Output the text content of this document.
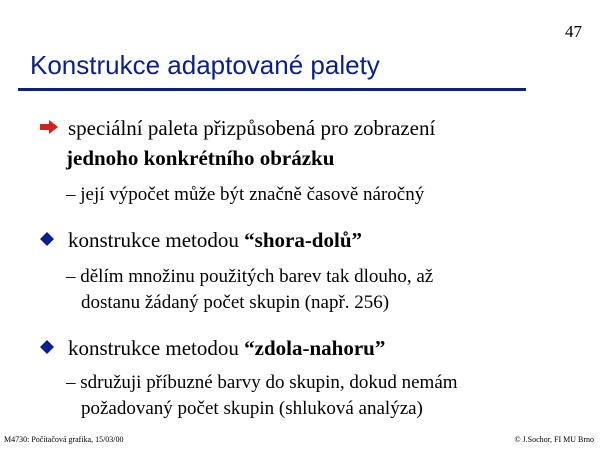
47
Konstrukce adaptované palety
speciální paleta přizpůsobená pro zobrazení
jednoho konkrétního obrázku
– její výpočet může být značně časově náročný
konstrukce metodou “shora-dolů”
– dělím množinu použitých barev tak dlouho, až
dostanu žádaný počet skupin (např. 256)
konstrukce metodou “zdola-nahoru”
– sdružuji příbuzné barvy do skupin, dokud nemám
požadovaný počet skupin (shluková analýza)
M4730: Počítačová grafika, 15/03/00	© J.Sochor, FI MU Brno
